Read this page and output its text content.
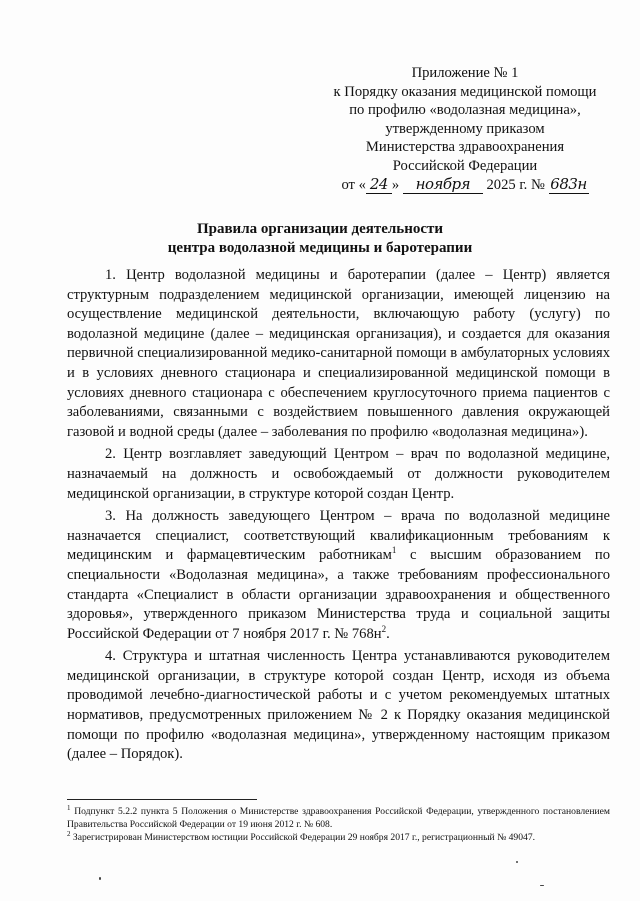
Приложение № 1
к Порядку оказания медицинской помощи
по профилю «водолазная медицина»,
утвержденному приказом
Министерства здравоохранения
Российской Федерации
от « 24 » ноября 2025 г. № 683н
Правила организации деятельности
центра водолазной медицины и баротерапии

1. Центр водолазной медицины и баротерапии (далее – Центр) является структурным подразделением медицинской организации, имеющей лицензию на осуществление медицинской деятельности, включающую работу (услугу) по водолазной медицине (далее – медицинская организация), и создается для оказания первичной специализированной медико-санитарной помощи в амбулаторных условиях и в условиях дневного стационара и специализированной медицинской помощи в условиях дневного стационара с обеспечением круглосуточного приема пациентов с заболеваниями, связанными с воздействием повышенного давления окружающей газовой и водной среды (далее – заболевания по профилю «водолазная медицина»).

2. Центр возглавляет заведующий Центром – врач по водолазной медицине, назначаемый на должность и освобождаемый от должности руководителем медицинской организации, в структуре которой создан Центр.

3. На должность заведующего Центром – врача по водолазной медицине назначается специалист, соответствующий квалификационным требованиям к медицинским и фармацевтическим работникам$^1$ с высшим образованием по специальности «Водолазная медицина», а также требованиям профессионального стандарта «Специалист в области организации здравоохранения и общественного здоровья», утвержденного приказом Министерства труда и социальной защиты Российской Федерации от 7 ноября 2017 г. № $768н^2$.

4. Структура и штатная численность Центра устанавливаются руководителем медицинской организации, в структуре которой создан Центр, исходя из объема проводимой лечебно-диагностической работы и с учетом рекомендуемых штатных нормативов, предусмотренных приложением № 2 к Порядку оказания медицинской помощи по профилю «водолазная медицина», утвержденному настоящим приказом (далее – Порядок).

$^1$ Подпункт 5.2.2 пункта 5 Положения о Министерстве здравоохранения Российской Федерации, утвержденного постановлением Правительства Российской Федерации от 19 июня 2012 г. № 608.

$^2$ Зарегистрирован Министерством юстиции Российской Федерации 29 ноября 2017 г., регистрационный № 49047.
